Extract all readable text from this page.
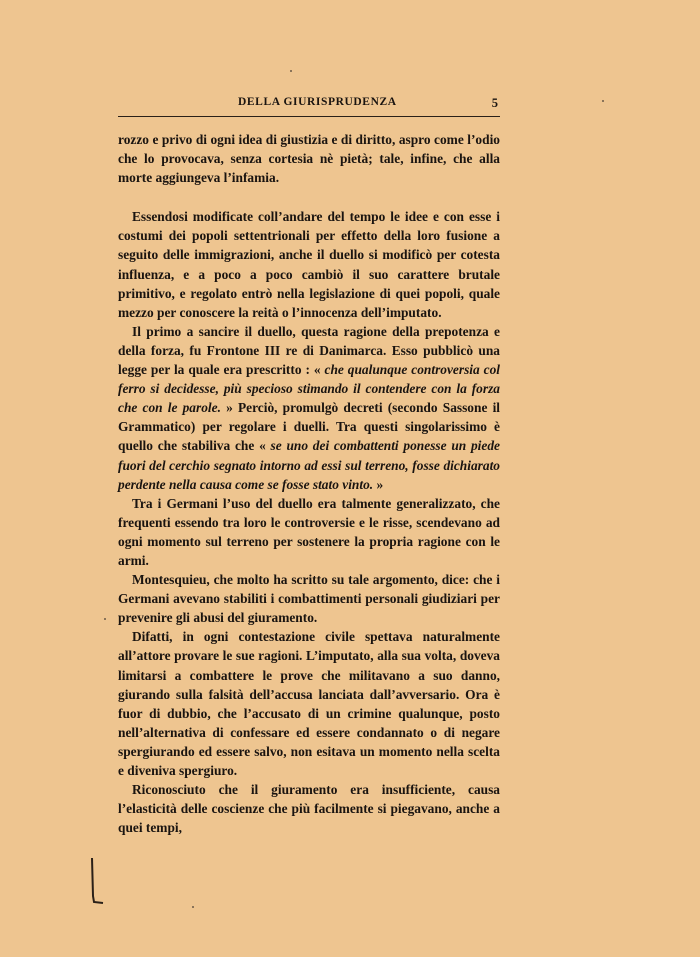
DELLA GIURISPRUDENZA	5

rozzo e privo di ogni idea di giustizia e di diritto, aspro come l’odio che lo provocava, senza cortesia nè pietà; tale, infine, che alla morte aggiungeva l’infamia.

Essendosi modificate coll’andare del tempo le idee e con esse i costumi dei popoli settentrionali per effetto della loro fusione a seguito delle immigrazioni, anche il duello si modificò per cotesta influenza, e a poco a poco cambiò il suo carattere brutale primitivo, e regolato entrò nella legislazione di quei popoli, quale mezzo per conoscere la reità o l’innocenza dell’imputato.

Il primo a sancire il duello, questa ragione della prepotenza e della forza, fu Frontone III re di Danimarca. Esso pubblicò una legge per la quale era prescritto : « che qualunque controversia col ferro si decidesse, più specioso stimando il contendere con la forza che con le parole. » Perciò, promulgò decreti (secondo Sassone il Grammatico) per regolare i duelli. Tra questi singolarissimo è quello che stabiliva che « se uno dei combattenti ponesse un piede fuori del cerchio segnato intorno ad essi sul terreno, fosse dichiarato perdente nella causa come se fosse stato vinto. »

Tra i Germani l’uso del duello era talmente generalizzato, che frequenti essendo tra loro le controversie e le risse, scendevano ad ogni momento sul terreno per sostenere la propria ragione con le armi.

Montesquieu, che molto ha scritto su tale argomento, dice: che i Germani avevano stabiliti i combattimenti personali giudiziari per prevenire gli abusi del giuramento.

Difatti, in ogni contestazione civile spettava naturalmente all’attore provare le sue ragioni. L’imputato, alla sua volta, doveva limitarsi a combattere le prove che militavano a suo danno, giurando sulla falsità dell’accusa lanciata dall’avversario. Ora è fuor di dubbio, che l’accusato di un crimine qualunque, posto nell’alternativa di confessare ed essere condannato o di negare spergiurando ed essere salvo, non esitava un momento nella scelta e diveniva spergiuro.

Riconosciuto che il giuramento era insufficiente, causa l’elasticità delle coscienze che più facilmente si piegavano, anche a quei tempi,
